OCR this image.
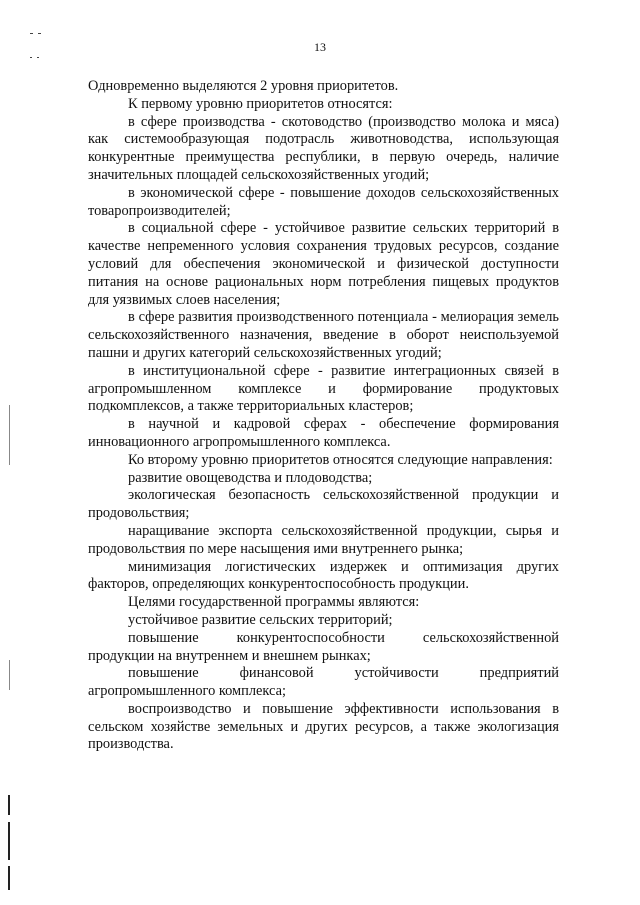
13

Одновременно выделяются 2 уровня приоритетов.

К первому уровню приоритетов относятся:

в сфере производства - скотоводство (производство молока и мяса) как системообразующая подотрасль животноводства, использующая конкурентные преимущества республики, в первую очередь, наличие значительных площадей сельскохозяйственных угодий;

в экономической сфере - повышение доходов сельскохозяйственных товаропроизводителей;

в социальной сфере - устойчивое развитие сельских территорий в качестве непременного условия сохранения трудовых ресурсов, создание условий для обеспечения экономической и физической доступности питания на основе рациональных норм потребления пищевых продуктов для уязвимых слоев населения;

в сфере развития производственного потенциала - мелиорация земель сельскохозяйственного назначения, введение в оборот неиспользуемой пашни и других категорий сельскохозяйственных угодий;

в институциональной сфере - развитие интеграционных связей в агропромышленном комплексе и формирование продуктовых подкомплексов, а также территориальных кластеров;

в научной и кадровой сферах - обеспечение формирования инновационного агропромышленного комплекса.

Ко второму уровню приоритетов относятся следующие направления:

развитие овощеводства и плодоводства;

экологическая безопасность сельскохозяйственной продукции и продовольствия;

наращивание экспорта сельскохозяйственной продукции, сырья и продовольствия по мере насыщения ими внутреннего рынка;

минимизация логистических издержек и оптимизация других факторов, определяющих конкурентоспособность продукции.

Целями государственной программы являются:

устойчивое развитие сельских территорий;

повышение конкурентоспособности сельскохозяйственной продукции на внутреннем и внешнем рынках;

повышение финансовой устойчивости предприятий агропромышленного комплекса;

воспроизводство и повышение эффективности использования в сельском хозяйстве земельных и других ресурсов, а также экологизация производства.
